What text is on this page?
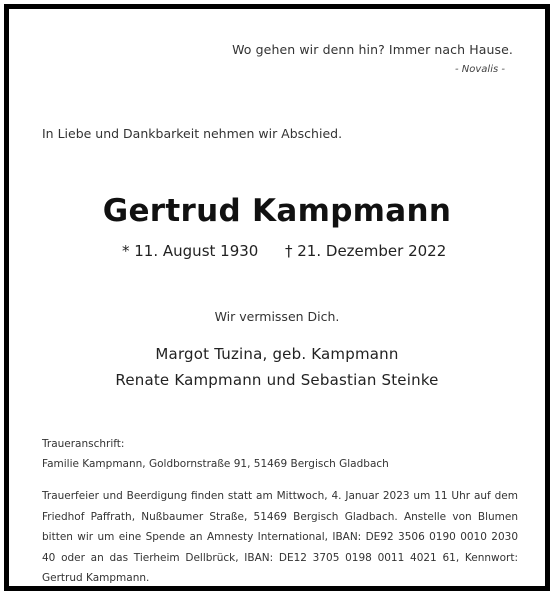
Wo gehen wir denn hin? Immer nach Hause.
- Novalis -
In Liebe und Dankbarkeit nehmen wir Abschied.
Gertrud Kampmann
* 11. August 1930 † 21. Dezember 2022
Wir vermissen Dich.
Margot Tuzina, geb. Kampmann
Renate Kampmann und Sebastian Steinke
Traueranschrift:
Familie Kampmann, Goldbornstraße 91, 51469 Bergisch Gladbach
Trauerfeier und Beerdigung finden statt am Mittwoch, 4. Januar 2023 um 11 Uhr auf dem Friedhof Paffrath, Nußbaumer Straße, 51469 Bergisch Gladbach. Anstelle von Blumen bitten wir um eine Spende an Amnesty International, IBAN: DE92 3506 0190 0010 2030 40 oder an das Tierheim Dellbrück, IBAN: DE12 3705 0198 0011 4021 61, Kennwort: Gertrud Kampmann.
